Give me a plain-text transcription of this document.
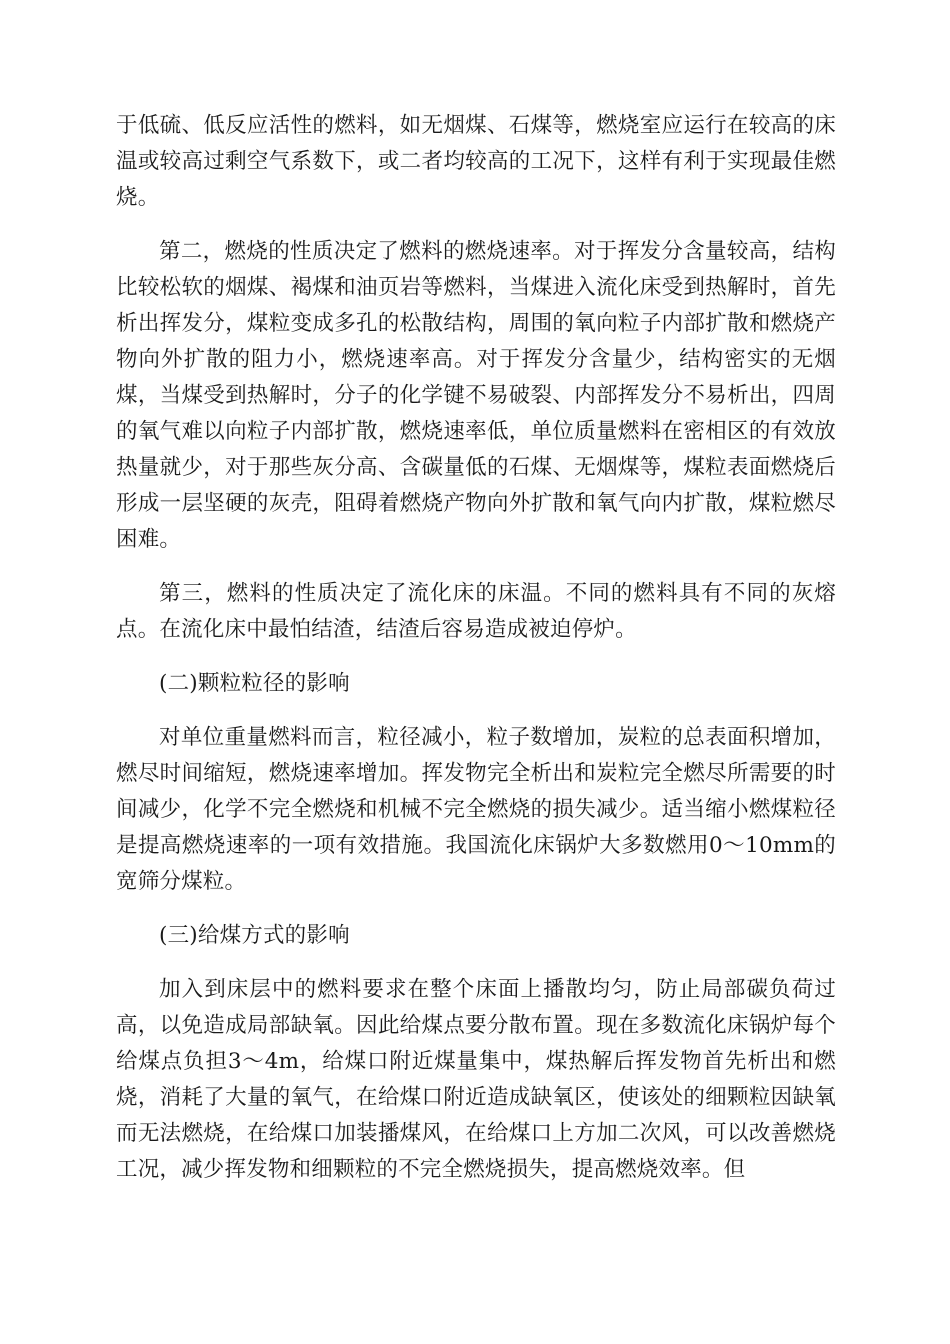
于低硫、低反应活性的燃料，如无烟煤、石煤等，燃烧室应运行在较高的床温或较高过剩空气系数下，或二者均较高的工况下，这样有利于实现最佳燃烧。

第二，燃烧的性质决定了燃料的燃烧速率。对于挥发分含量较高，结构比较松软的烟煤、褐煤和油页岩等燃料，当煤进入流化床受到热解时，首先析出挥发分，煤粒变成多孔的松散结构，周围的氧向粒子内部扩散和燃烧产物向外扩散的阻力小，燃烧速率高。对于挥发分含量少，结构密实的无烟煤，当煤受到热解时，分子的化学键不易破裂、内部挥发分不易析出，四周的氧气难以向粒子内部扩散，燃烧速率低，单位质量燃料在密相区的有效放热量就少，对于那些灰分高、含碳量低的石煤、无烟煤等，煤粒表面燃烧后形成一层坚硬的灰壳，阻碍着燃烧产物向外扩散和氧气向内扩散，煤粒燃尽困难。

第三，燃料的性质决定了流化床的床温。不同的燃料具有不同的灰熔点。在流化床中最怕结渣，结渣后容易造成被迫停炉。

(二)颗粒粒径的影响

对单位重量燃料而言，粒径减小，粒子数增加，炭粒的总表面积增加，燃尽时间缩短，燃烧速率增加。挥发物完全析出和炭粒完全燃尽所需要的时间减少，化学不完全燃烧和机械不完全燃烧的损失减少。适当缩小燃煤粒径是提高燃烧速率的一项有效措施。我国流化床锅炉大多数燃用0～10mm的宽筛分煤粒。

(三)给煤方式的影响

加入到床层中的燃料要求在整个床面上播散均匀，防止局部碳负荷过高，以免造成局部缺氧。因此给煤点要分散布置。现在多数流化床锅炉每个给煤点负担3～4m，给煤口附近煤量集中，煤热解后挥发物首先析出和燃烧，消耗了大量的氧气，在给煤口附近造成缺氧区，使该处的细颗粒因缺氧而无法燃烧，在给煤口加装播煤风，在给煤口上方加二次风，可以改善燃烧工况，减少挥发物和细颗粒的不完全燃烧损失，提高燃烧效率。但
